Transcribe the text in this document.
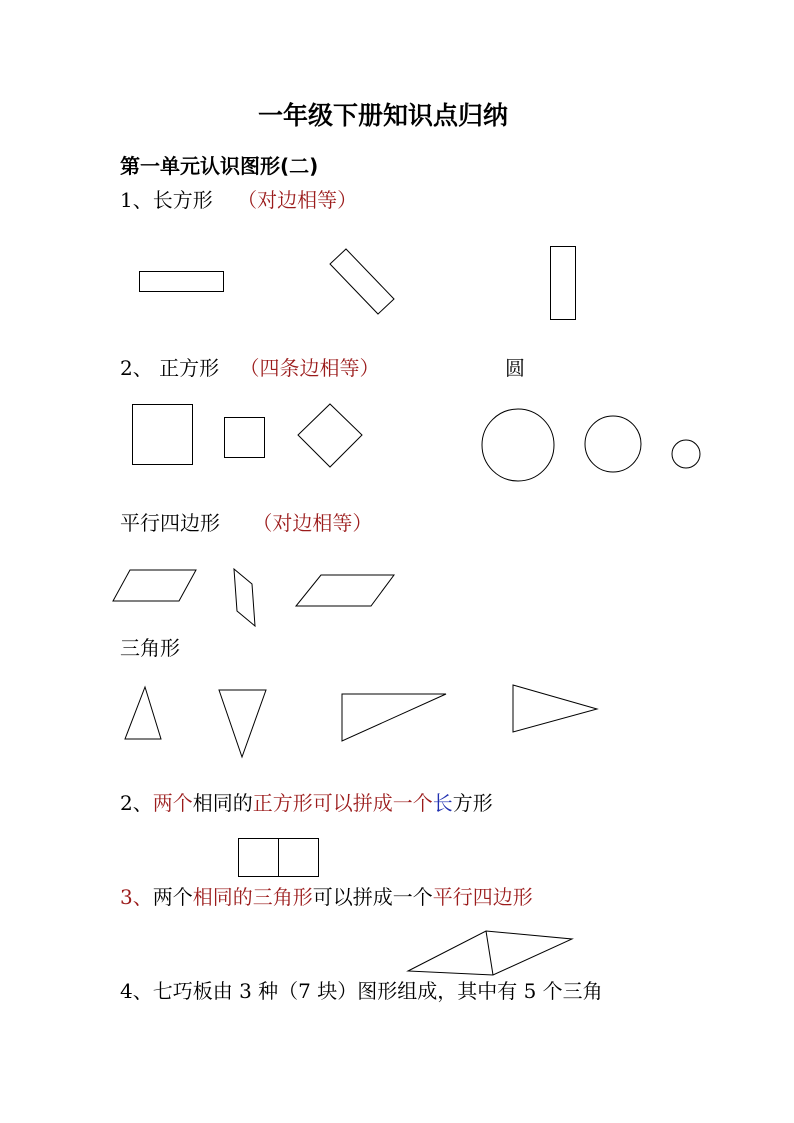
一年级下册知识点归纳
第一单元认识图形(二)
1、长方形 （对边相等）
2、 正方形 （四条边相等）	圆
平行四边形 （对边相等）
三角形
2、两个相同的正方形可以拼成一个长方形
3、两个相同的三角形可以拼成一个平行四边形
4、七巧板由 3 种（7 块）图形组成，其中有 5 个三角
